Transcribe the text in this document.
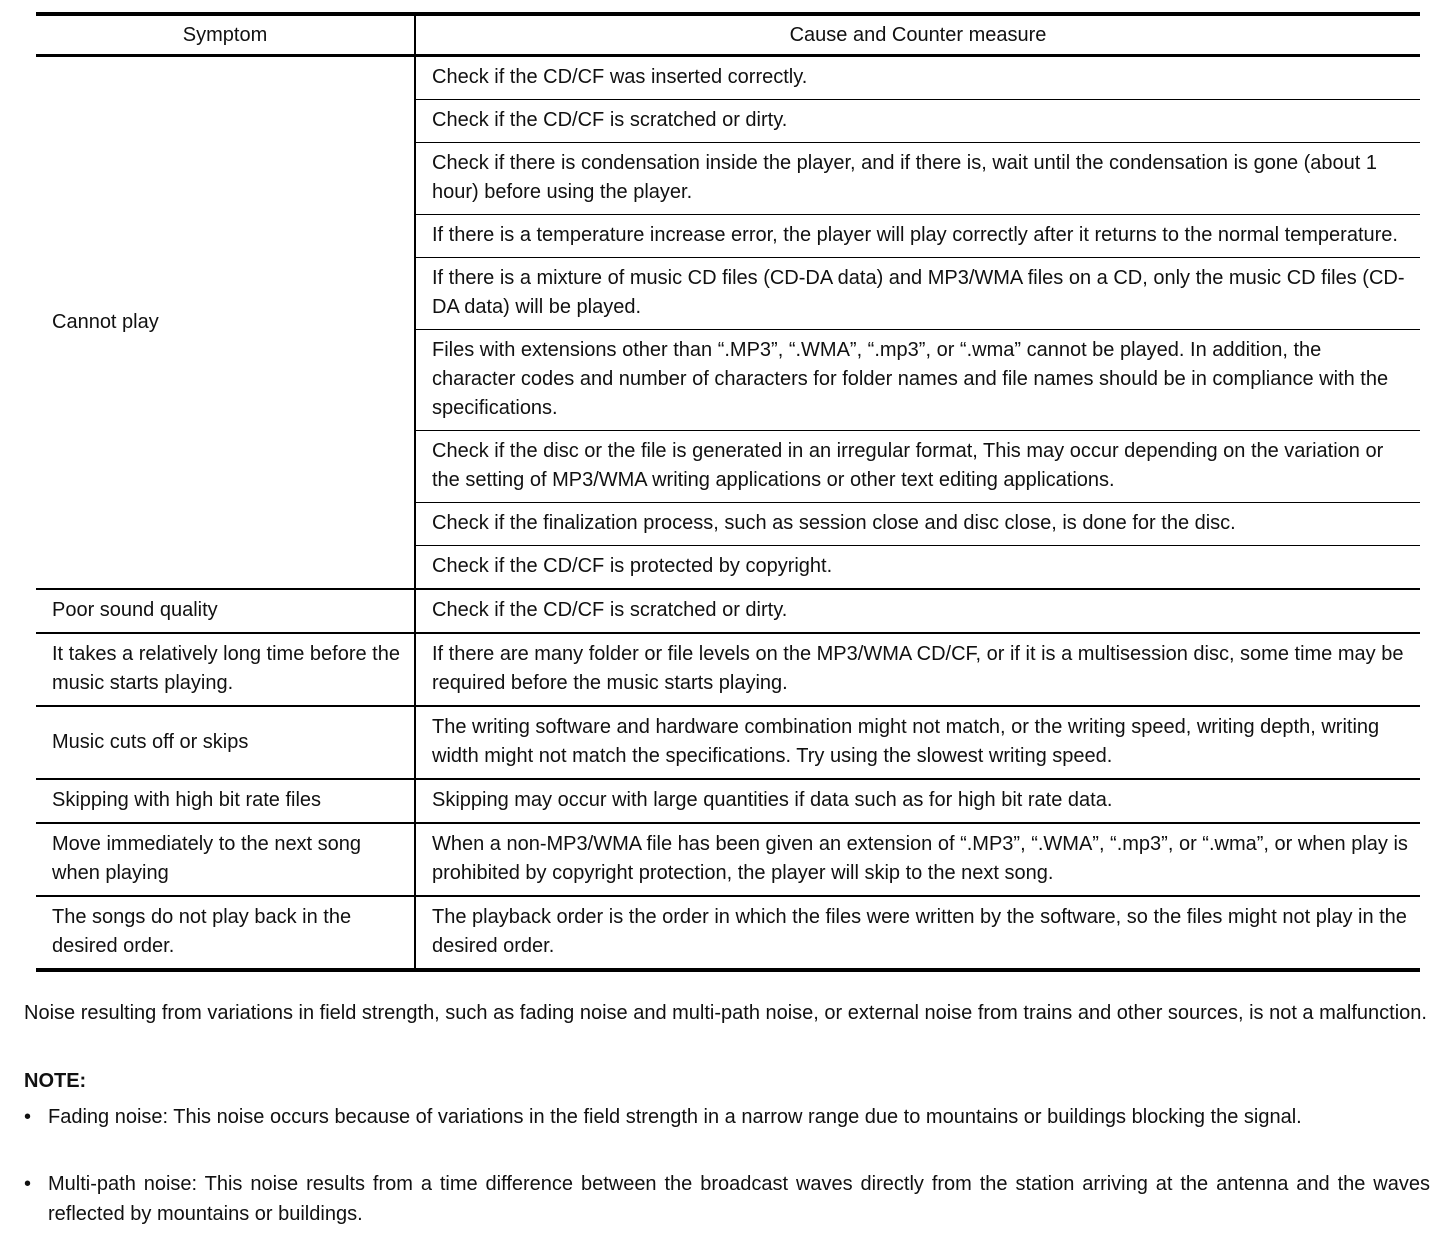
Symptom	Cause and Counter measure
Cannot play	Check if the CD/CF was inserted correctly.
	Check if the CD/CF is scratched or dirty.
	Check if there is condensation inside the player, and if there is, wait until the condensation is gone (about 1 hour) before using the player.
	If there is a temperature increase error, the player will play correctly after it returns to the normal temperature.
	If there is a mixture of music CD files (CD-DA data) and MP3/WMA files on a CD, only the music CD files (CD-DA data) will be played.
	Files with extensions other than “.MP3”, “.WMA”, “.mp3”, or “.wma” cannot be played. In addition, the character codes and number of characters for folder names and file names should be in compliance with the specifications.
	Check if the disc or the file is generated in an irregular format, This may occur depending on the variation or the setting of MP3/WMA writing applications or other text editing applications.
	Check if the finalization process, such as session close and disc close, is done for the disc.
	Check if the CD/CF is protected by copyright.
Poor sound quality	Check if the CD/CF is scratched or dirty.
It takes a relatively long time before the music starts playing.	If there are many folder or file levels on the MP3/WMA CD/CF, or if it is a multisession disc, some time may be required before the music starts playing.
Music cuts off or skips	The writing software and hardware combination might not match, or the writing speed, writing depth, writing width might not match the specifications. Try using the slowest writing speed.
Skipping with high bit rate files	Skipping may occur with large quantities if data such as for high bit rate data.
Move immediately to the next song when playing	When a non-MP3/WMA file has been given an extension of “.MP3”, “.WMA”, “.mp3”, or “.wma”, or when play is prohibited by copyright protection, the player will skip to the next song.
The songs do not play back in the desired order.	The playback order is the order in which the files were written by the software, so the files might not play in the desired order.
Noise resulting from variations in field strength, such as fading noise and multi-path noise, or external noise from trains and other sources, is not a malfunction.
NOTE:
• Fading noise: This noise occurs because of variations in the field strength in a narrow range due to mountains or buildings blocking the signal.
• Multi-path noise: This noise results from a time difference between the broadcast waves directly from the station arriving at the antenna and the waves reflected by mountains or buildings.
